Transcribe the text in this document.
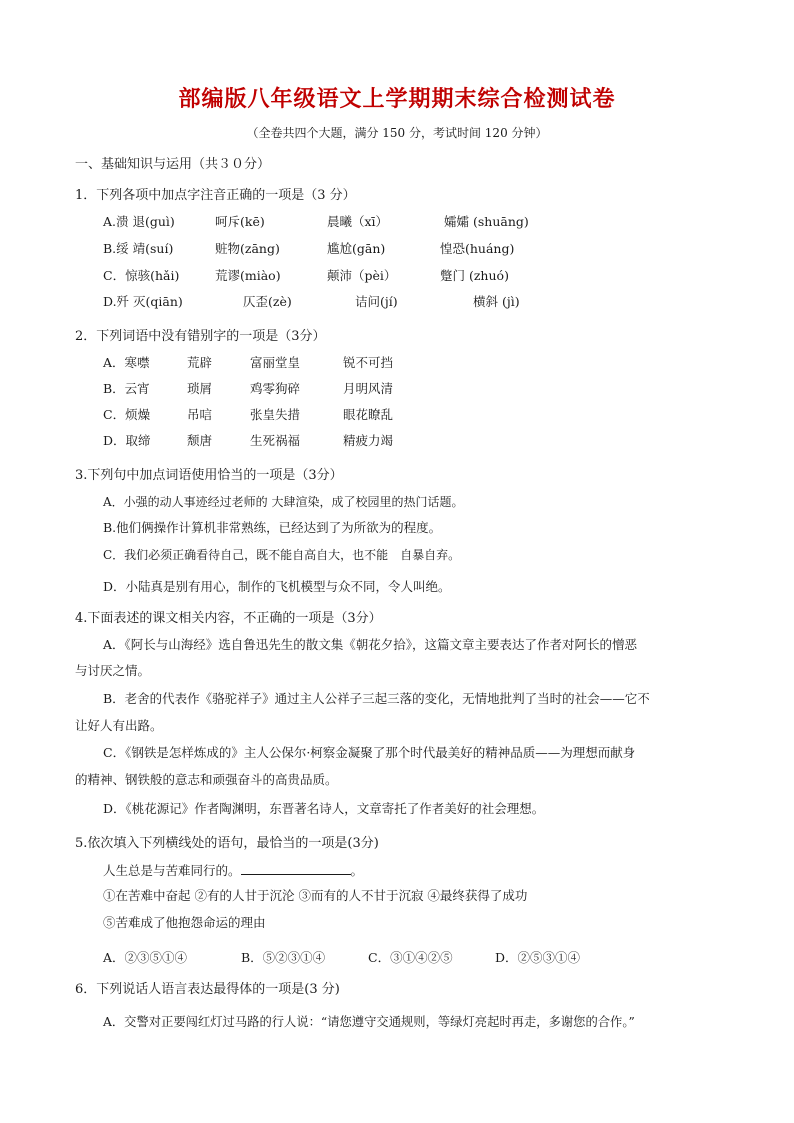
部编版八年级语文上学期期末综合检测试卷
（全卷共四个大题，满分 150 分，考试时间 120 分钟）
一、基础知识与运用（共３０分）
1．下列各项中加点字注音正确的一项是（3 分）
A.溃 退(guì)	呵斥(kē)	晨曦（xī）	孀孀 (shuāng)
B.绥 靖(suí)	赃物(zāng)	尴尬(gān)	惶恐(huáng)
C．惊骇(hǎi)	荒谬(miào)	颠沛（pèi）	蹩门 (zhuó)
D.歼 灭(qiān)	仄歪(zè)	诘问(jí)	横斜 (jì)
2．下列词语中没有错别字的一项是（3分）
A．寒噤	荒辟	富丽堂皇	锐不可挡
B．云宵	琐屑	鸡零狗碎	月明风清
C．烦燥	吊唁	张皇失措	眼花瞭乱
D．取缔	颓唐	生死祸福	精疲力竭
3.下列句中加点词语使用恰当的一项是（3分）
A．小强的动人事迹经过老师的 大肆渲染，成了校园里的热门话题。
B.他们俩操作计算机非常熟练，已经达到了为所欲为的程度。
C．我们必须正确看待自己，既不能自高自大，也不能　自暴自弃。
D．小陆真是别有用心，制作的飞机模型与众不同，令人叫绝。
4.下面表述的课文相关内容，不正确的一项是（3分）
A．《阿长与山海经》选自鲁迅先生的散文集《朝花夕拾》，这篇文章主要表达了作者对阿长的憎恶
与讨厌之情。
B．老舍的代表作《骆驼祥子》通过主人公祥子三起三落的变化，无情地批判了当时的社会——它不
让好人有出路。
C．《钢铁是怎样炼成的》主人公保尔·柯察金凝聚了那个时代最美好的精神品质——为理想而献身
的精神、钢铁般的意志和顽强奋斗的高贵品质。
D．《桃花源记》作者陶渊明，东晋著名诗人，文章寄托了作者美好的社会理想。
5.依次填入下列横线处的语句，最恰当的一项是(3分)
人生总是与苦难同行的。	。
①在苦难中奋起 ②有的人甘于沉沦 ③而有的人不甘于沉寂 ④最终获得了成功
⑤苦难成了他抱怨命运的理由
A．②③⑤①④	B．⑤②③①④	C．③①④②⑤	D．②⑤③①④
6．下列说话人语言表达最得体的一项是(3 分)
A．交警对正要闯红灯过马路的行人说：“请您遵守交通规则，等绿灯亮起时再走，多谢您的合作。”
